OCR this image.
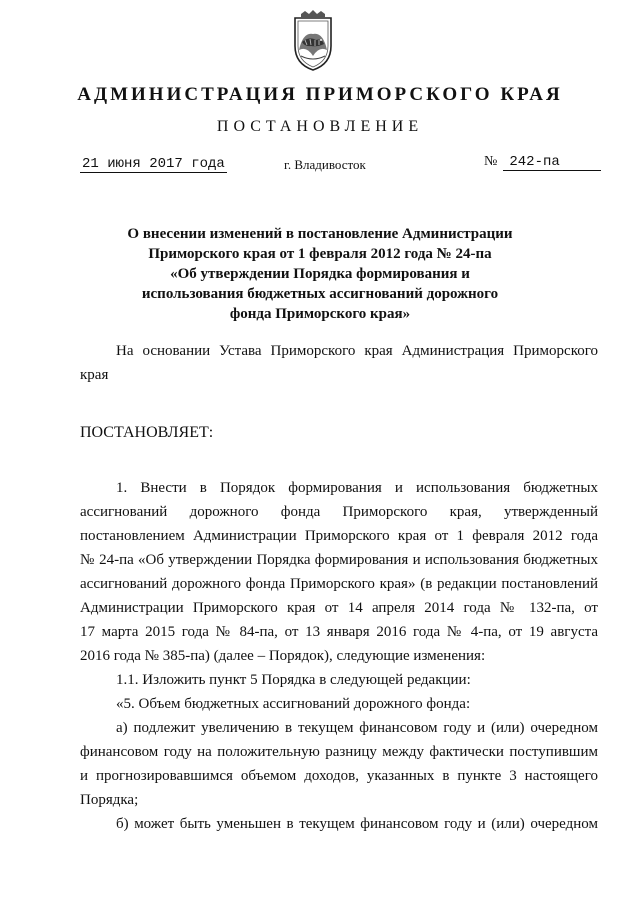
АДМИНИСТРАЦИЯ ПРИМОРСКОГО КРАЯ
ПОСТАНОВЛЕНИЕ
21 июня 2017 года	г. Владивосток	№ 242-па
О внесении изменений в постановление Администрации
Приморского края от 1 февраля 2012 года № 24-па
«Об утверждении Порядка формирования и
использования бюджетных ассигнований дорожного
фонда Приморского края»
На основании Устава Приморского края Администрация Приморского
края
ПОСТАНОВЛЯЕТ:
1. Внести в Порядок формирования и использования бюджетных
ассигнований дорожного фонда Приморского края, утвержденный
постановлением Администрации Приморского края от 1 февраля 2012 года
№ 24-па «Об утверждении Порядка формирования и использования бюджетных
ассигнований дорожного фонда Приморского края» (в редакции постановлений
Администрации Приморского края от 14 апреля 2014 года № 132-па, от
17 марта 2015 года № 84-па, от 13 января 2016 года № 4-па, от 19 августа
2016 года № 385-па) (далее – Порядок), следующие изменения:
1.1. Изложить пункт 5 Порядка в следующей редакции:
«5. Объем бюджетных ассигнований дорожного фонда:
а) подлежит увеличению в текущем финансовом году и (или) очередном
финансовом году на положительную разницу между фактически поступившим
и прогнозировавшимся объемом доходов, указанных в пункте 3 настоящего
Порядка;
б) может быть уменьшен в текущем финансовом году и (или) очередном
